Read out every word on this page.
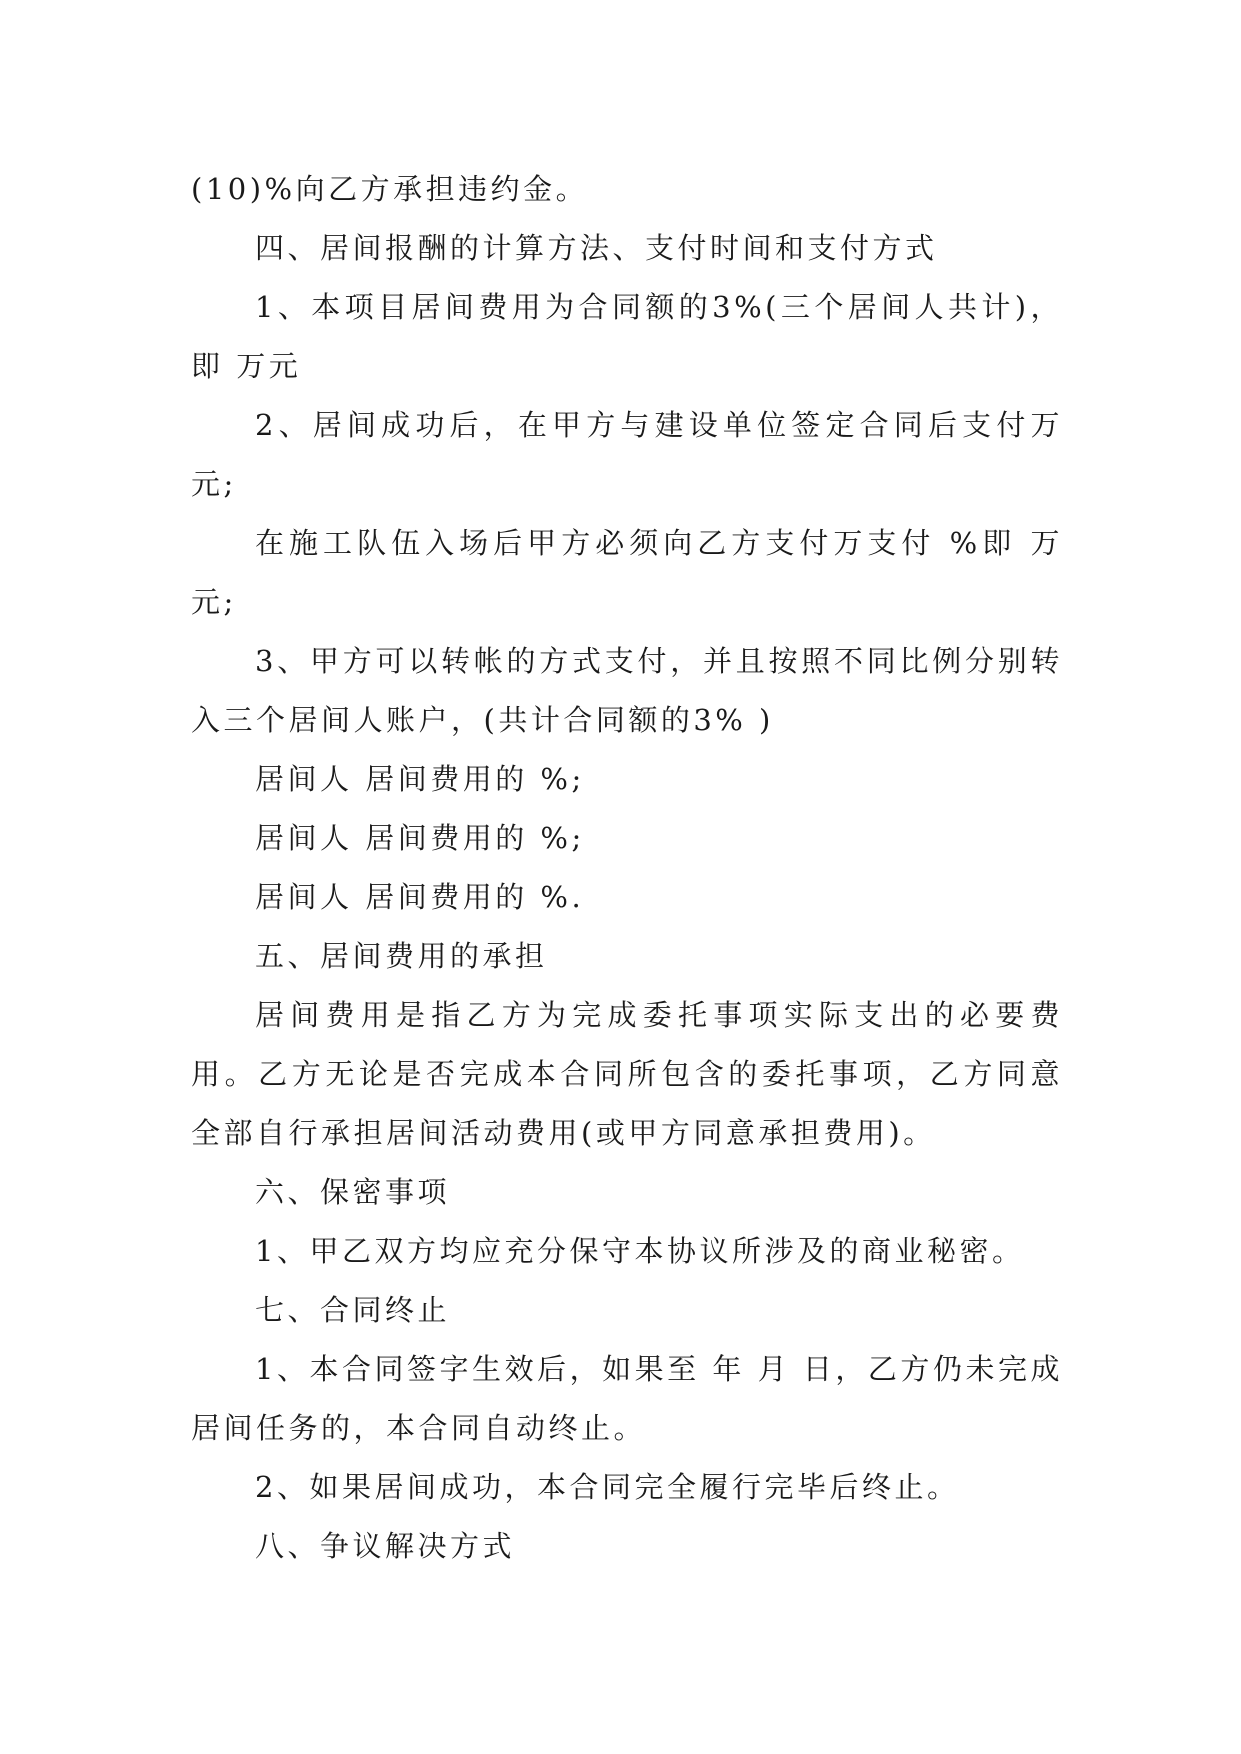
(10)%向乙方承担违约金。

四、居间报酬的计算方法、支付时间和支付方式

1、本项目居间费用为合同额的3%(三个居间人共计)，即 万元

2、居间成功后，在甲方与建设单位签定合同后支付万元;

在施工队伍入场后甲方必须向乙方支付万支付 %即 万元;

3、甲方可以转帐的方式支付，并且按照不同比例分别转入三个居间人账户，(共计合同额的3% )

居间人 居间费用的 %;

居间人 居间费用的 %;

居间人 居间费用的 %.

五、居间费用的承担

居间费用是指乙方为完成委托事项实际支出的必要费用。乙方无论是否完成本合同所包含的委托事项，乙方同意全部自行承担居间活动费用(或甲方同意承担费用)。

六、保密事项

1、甲乙双方均应充分保守本协议所涉及的商业秘密。

七、合同终止

1、本合同签字生效后，如果至 年 月 日，乙方仍未完成居间任务的，本合同自动终止。

2、如果居间成功，本合同完全履行完毕后终止。

八、争议解决方式
